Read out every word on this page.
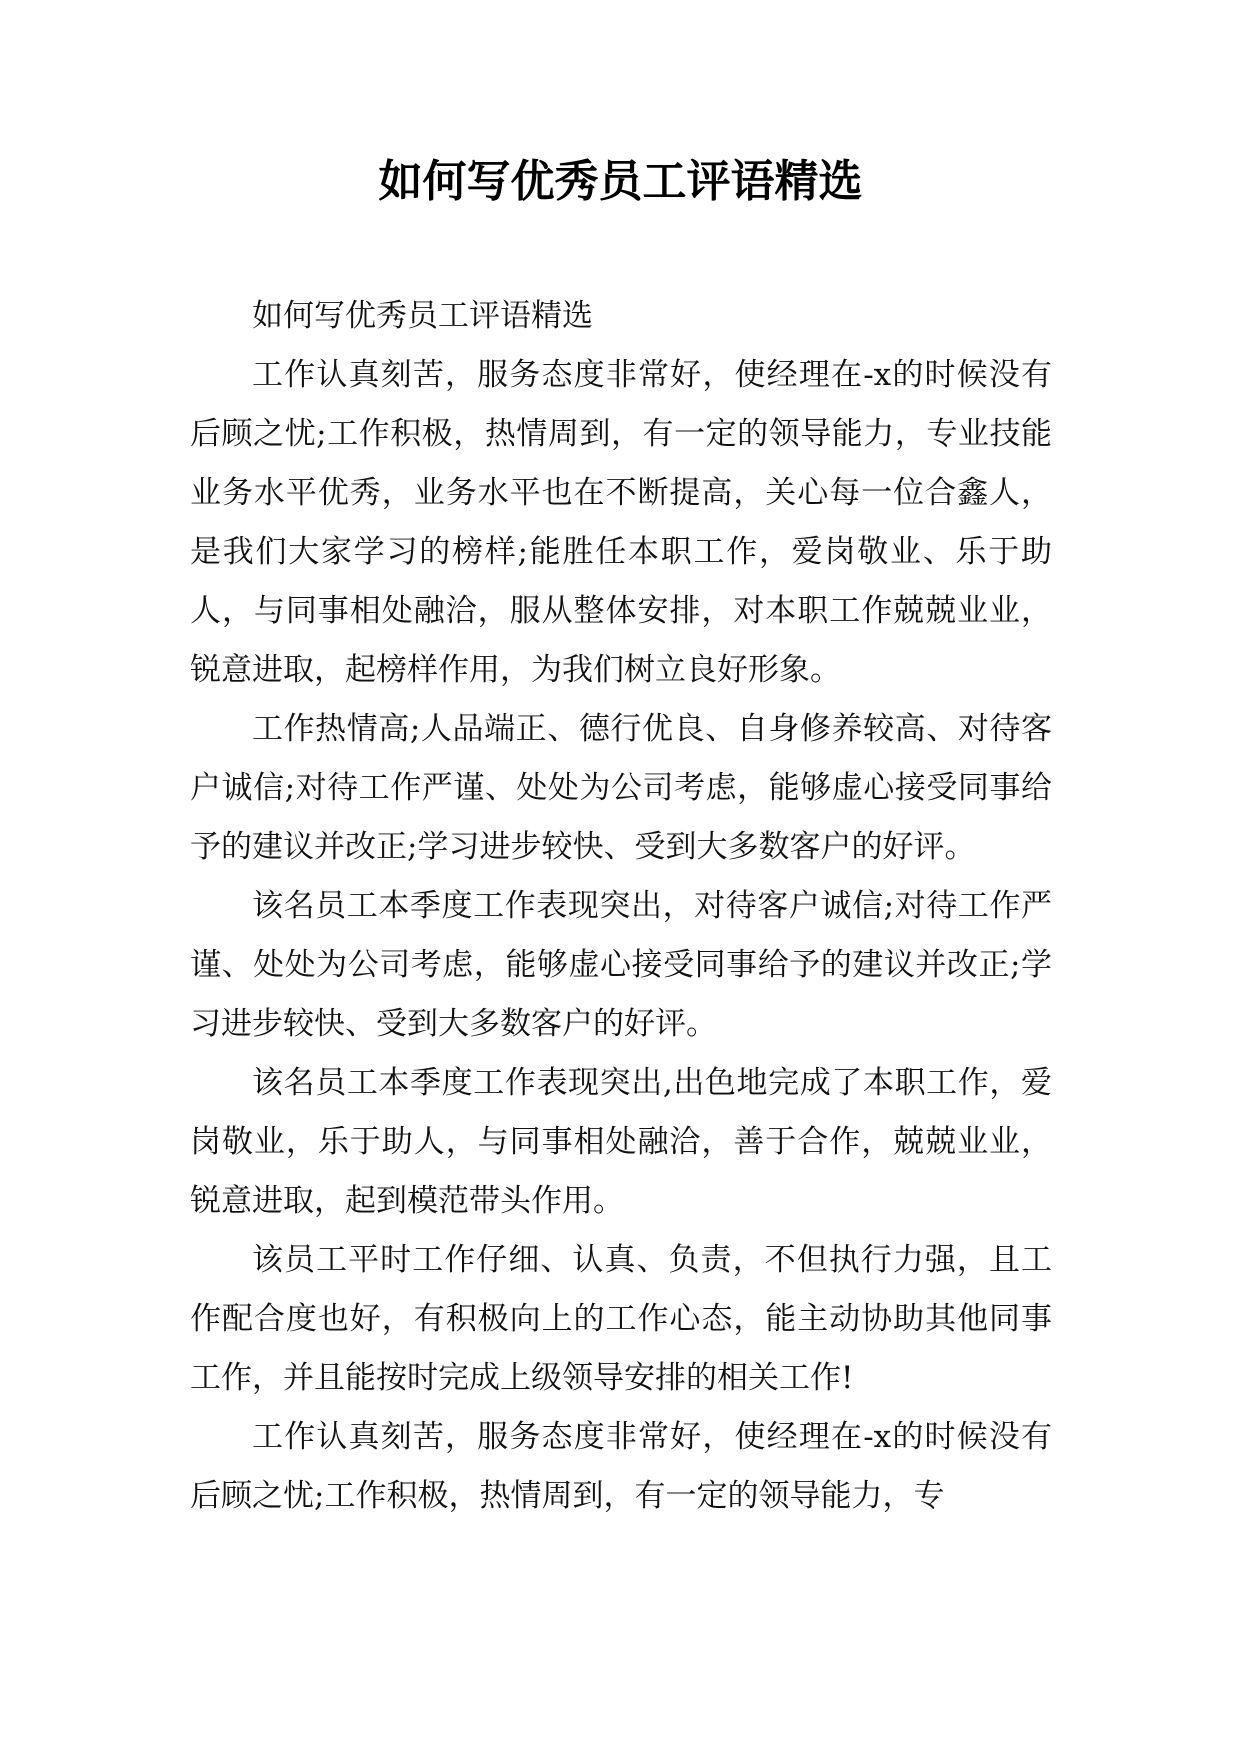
如何写优秀员工评语精选

如何写优秀员工评语精选

工作认真刻苦，服务态度非常好，使经理在-x的时候没有后顾之忧;工作积极，热情周到，有一定的领导能力，专业技能业务水平优秀，业务水平也在不断提高，关心每一位合鑫人，是我们大家学习的榜样;能胜任本职工作，爱岗敬业、乐于助人，与同事相处融洽，服从整体安排，对本职工作兢兢业业，锐意进取，起榜样作用，为我们树立良好形象。

工作热情高;人品端正、德行优良、自身修养较高、对待客户诚信;对待工作严谨、处处为公司考虑，能够虚心接受同事给予的建议并改正;学习进步较快、受到大多数客户的好评。

该名员工本季度工作表现突出，对待客户诚信;对待工作严谨、处处为公司考虑，能够虚心接受同事给予的建议并改正;学习进步较快、受到大多数客户的好评。

该名员工本季度工作表现突出,出色地完成了本职工作，爱岗敬业，乐于助人，与同事相处融洽，善于合作，兢兢业业，锐意进取，起到模范带头作用。

该员工平时工作仔细、认真、负责，不但执行力强，且工作配合度也好，有积极向上的工作心态，能主动协助其他同事工作，并且能按时完成上级领导安排的相关工作!

工作认真刻苦，服务态度非常好，使经理在-x的时候没有后顾之忧;工作积极，热情周到，有一定的领导能力，专
